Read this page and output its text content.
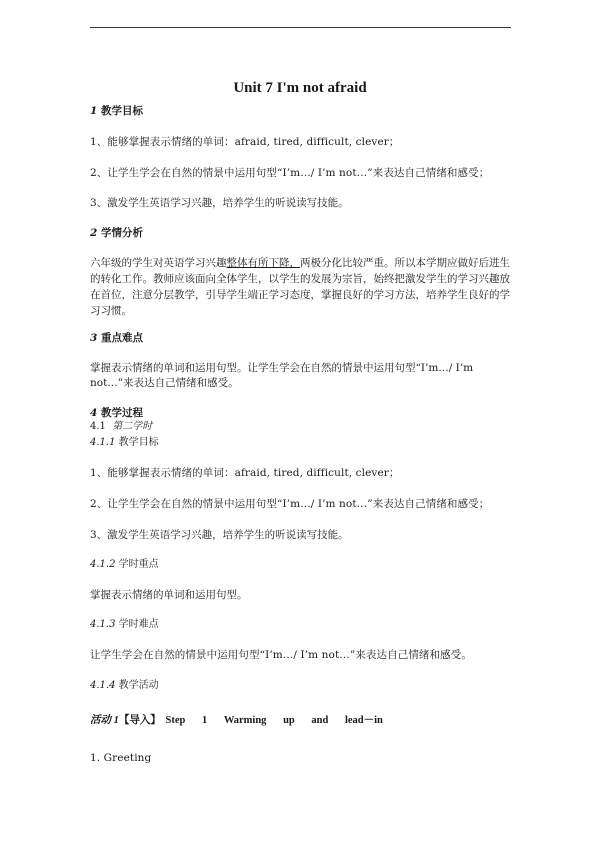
Unit 7 I'm not afraid
1 教学目标
1、能够掌握表示情绪的单词：afraid, tired, difficult, clever；
2、让学生学会在自然的情景中运用句型“I’m…/ I’m not…”来表达自己情绪和感受；
3、激发学生英语学习兴趣，培养学生的听说读写技能。
2 学情分析
六年级的学生对英语学习兴趣整体有所下降，两极分化比较严重。所以本学期应做好后进生
的转化工作。教师应该面向全体学生，以学生的发展为宗旨，始终把激发学生的学习兴趣放
在首位，注意分层教学，引导学生端正学习态度，掌握良好的学习方法，培养学生良好的学
习习惯。
3 重点难点
掌握表示情绪的单词和运用句型。让学生学会在自然的情景中运用句型“I’m…/ I’m
not…”来表达自己情绪和感受。
4 教学过程
4.1 第二学时
4.1.1 教学目标
1、能够掌握表示情绪的单词：afraid, tired, difficult, clever；
2、让学生学会在自然的情景中运用句型“I’m…/ I’m not…”来表达自己情绪和感受；
3、激发学生英语学习兴趣，培养学生的听说读写技能。
4.1.2 学时重点
掌握表示情绪的单词和运用句型。
4.1.3 学时难点
让学生学会在自然的情景中运用句型“I’m…/ I’m not…”来表达自己情绪和感受。
4.1.4 教学活动
活动 1【导入】 Step 1 Warming up and lead－in
1. Greeting
